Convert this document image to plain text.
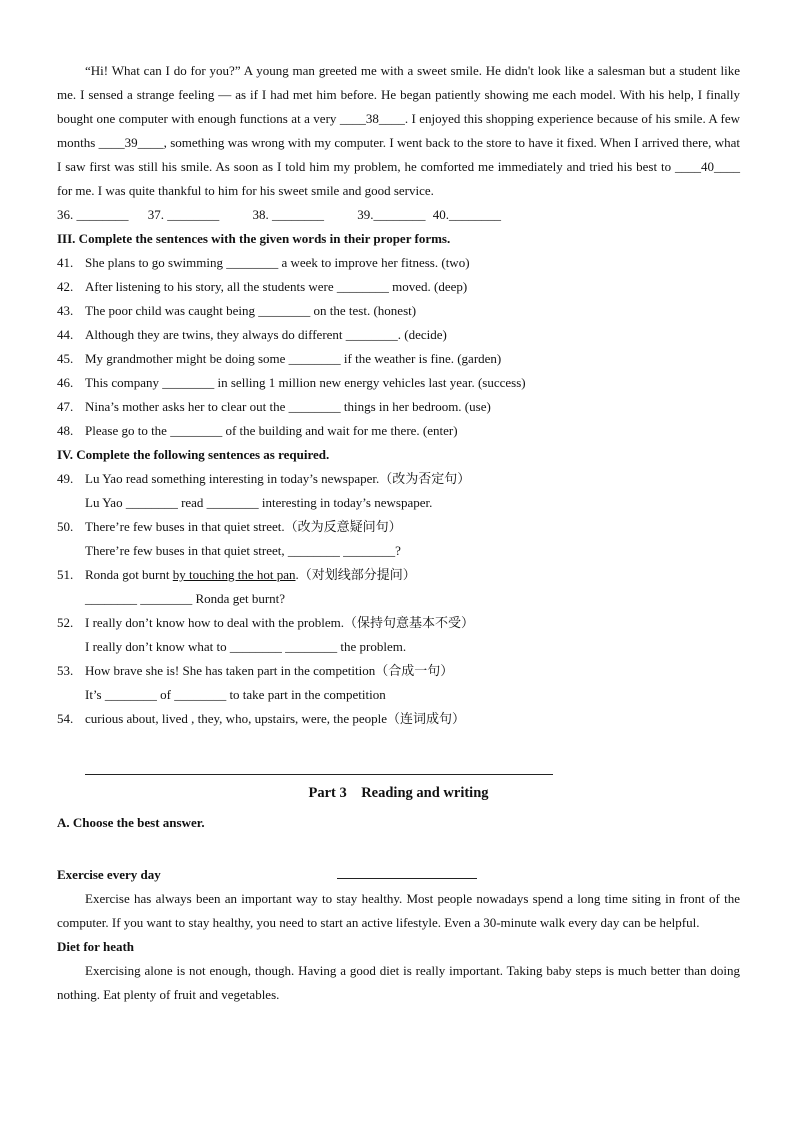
“Hi! What can I do for you?” A young man greeted me with a sweet smile. He didn't look like a salesman but a student like me. I sensed a strange feeling — as if I had met him before. He began patiently showing me each model. With his help, I finally bought one computer with enough functions at a very ____38____. I enjoyed this shopping experience because of his smile. A few months ____39____, something was wrong with my computer. I went back to the store to have it fixed. When I arrived there, what I saw first was still his smile. As soon as I told him my problem, he comforted me immediately and tried his best to ____40____ for me. I was quite thankful to him for his sweet smile and good service.

36. ________ 37. ________	38. ________	39.________ 40.________
III. Complete the sentences with the given words in their proper forms.
41. She plans to go swimming ________ a week to improve her fitness. (two)
42. After listening to his story, all the students were ________ moved. (deep)
43. The poor child was caught being ________ on the test. (honest)
44. Although they are twins, they always do different ________. (decide)
45. My grandmother might be doing some ________ if the weather is fine. (garden)
46. This company ________ in selling 1 million new energy vehicles last year. (success)
47. Nina’s mother asks her to clear out the ________ things in her bedroom. (use)
48. Please go to the ________ of the building and wait for me there. (enter)
IV. Complete the following sentences as required.
49. Lu Yao read something interesting in today’s newspaper.（改为否定句）
Lu Yao ________ read ________ interesting in today’s newspaper.
50. There’re few buses in that quiet street.（改为反意疑问句）
There’re few buses in that quiet street, ________ ________?
51. Ronda got burnt by touching the hot pan.（对划线部分提问）
________ ________ Ronda get burnt?
52. I really don’t know how to deal with the problem.（保持句意基本不受）
I really don’t know what to ________ ________ the problem.
53. How brave she is! She has taken part in the competition（合成一句）
It’s ________ of ________ to take part in the competition
54. curious about, lived , they, who, upstairs, were, the people（连词成句）
Part 3    Reading and writing
A. Choose the best answer.
Exercise every day

Exercise has always been an important way to stay healthy. Most people nowadays spend a long time siting in front of the computer. If you want to stay healthy, you need to start an active lifestyle. Even a 30-minute walk every day can be helpful.

Diet for heath

Exercising alone is not enough, though. Having a good diet is really important. Taking baby steps is much better than doing nothing. Eat plenty of fruit and vegetables.
